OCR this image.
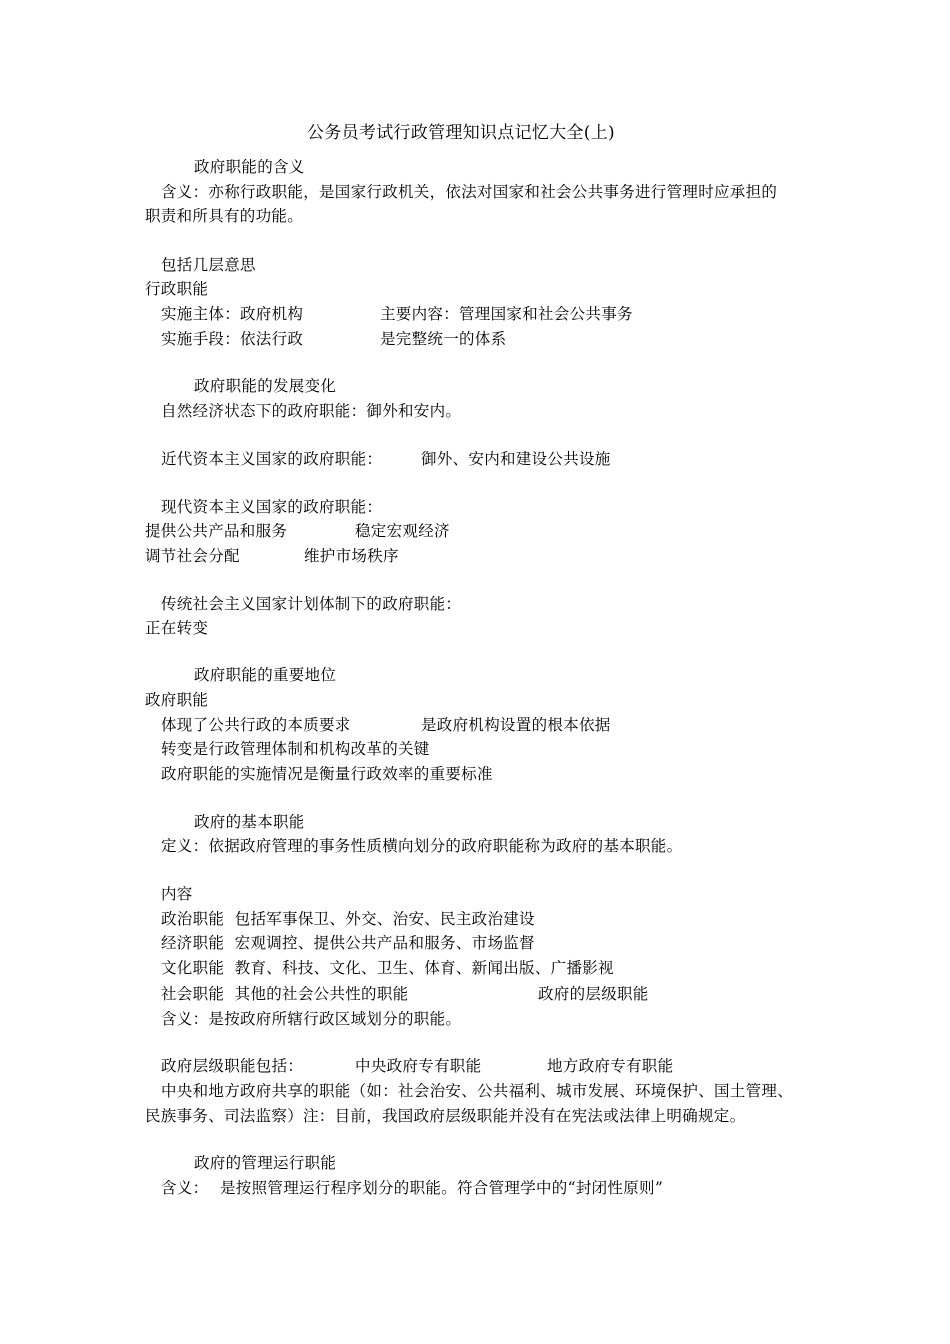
公务员考试行政管理知识点记忆大全(上)

政府职能的含义

含义：亦称行政职能，是国家行政机关，依法对国家和社会公共事务进行管理时应承担的

职责和所具有的功能。

包括几层意思

行政职能

实施主体：政府机构	主要内容：管理国家和社会公共事务

实施手段：依法行政	是完整统一的体系

政府职能的发展变化

自然经济状态下的政府职能：御外和安内。

近代资本主义国家的政府职能：	御外、安内和建设公共设施

现代资本主义国家的政府职能：

提供公共产品和服务	稳定宏观经济

调节社会分配	维护市场秩序

传统社会主义国家计划体制下的政府职能：

正在转变

政府职能的重要地位

政府职能

体现了公共行政的本质要求	是政府机构设置的根本依据

转变是行政管理体制和机构改革的关键

政府职能的实施情况是衡量行政效率的重要标准

政府的基本职能

定义：依据政府管理的事务性质横向划分的政府职能称为政府的基本职能。

内容

政治职能  包括军事保卫、外交、治安、民主政治建设

经济职能  宏观调控、提供公共产品和服务、市场监督

文化职能  教育、科技、文化、卫生、体育、新闻出版、广播影视

社会职能  其他的社会公共性的职能	政府的层级职能

含义：是按政府所辖行政区域划分的职能。

政府层级职能包括：	中央政府专有职能	地方政府专有职能

中央和地方政府共享的职能（如：社会治安、公共福利、城市发展、环境保护、国土管理、

民族事务、司法监察）注：目前，我国政府层级职能并没有在宪法或法律上明确规定。

政府的管理运行职能

含义： 是按照管理运行程序划分的职能。符合管理学中的“封闭性原则”
